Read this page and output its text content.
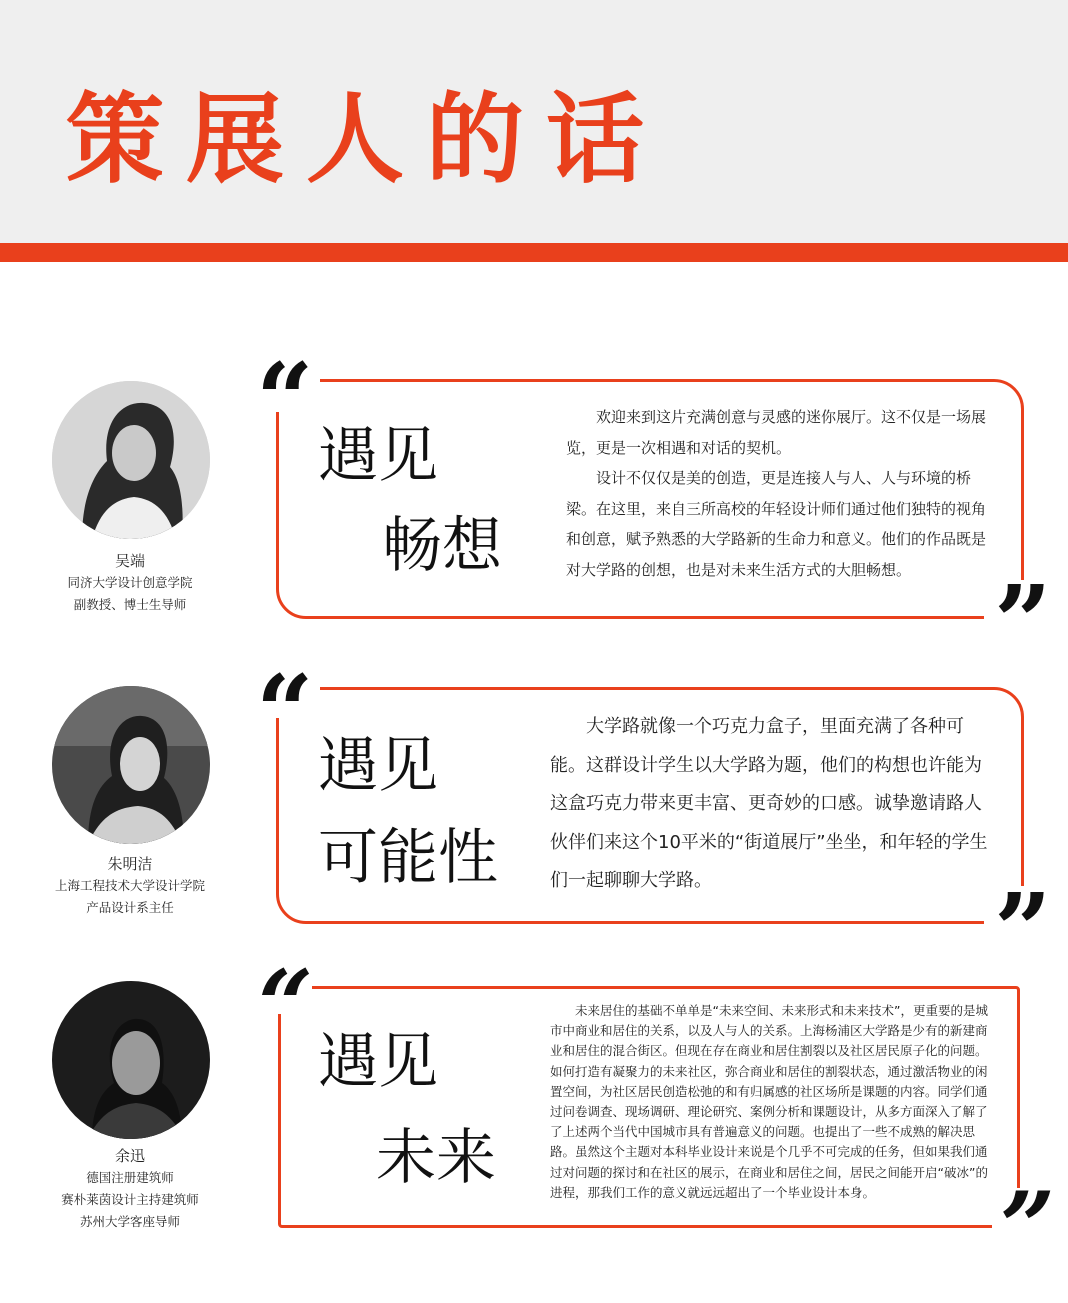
策展人的话
吴端
同济大学设计创意学院
副教授、博士生导师
“
”
遇见
畅想

欢迎来到这片充满创意与灵感的迷你展厅。这不仅是一场展览，更是一次相遇和对话的契机。

设计不仅仅是美的创造，更是连接人与人、人与环境的桥梁。在这里，来自三所高校的年轻设计师们通过他们独特的视角和创意，赋予熟悉的大学路新的生命力和意义。他们的作品既是对大学路的创想，也是对未来生活方式的大胆畅想。

朱明洁
上海工程技术大学设计学院
产品设计系主任
“
”
遇见
可能性

大学路就像一个巧克力盒子，里面充满了各种可能。这群设计学生以大学路为题，他们的构想也许能为这盒巧克力带来更丰富、更奇妙的口感。诚挚邀请路人伙伴们来这个10平米的“街道展厅”坐坐，和年轻的学生们一起聊聊大学路。

余迅
德国注册建筑师
赛朴莱茵设计主持建筑师
苏州大学客座导师
“
”
遇见
未来

未来居住的基础不单单是“未来空间、未来形式和未来技术”，更重要的是城市中商业和居住的关系，以及人与人的关系。上海杨浦区大学路是少有的新建商业和居住的混合街区。但现在存在商业和居住割裂以及社区居民原子化的问题。如何打造有凝聚力的未来社区，弥合商业和居住的割裂状态，通过激活物业的闲置空间，为社区居民创造松弛的和有归属感的社区场所是课题的内容。同学们通过问卷调查、现场调研、理论研究、案例分析和课题设计，从多方面深入了解了了上述两个当代中国城市具有普遍意义的问题。也提出了一些不成熟的解决思路。虽然这个主题对本科毕业设计来说是个几乎不可完成的任务，但如果我们通过对问题的探讨和在社区的展示，在商业和居住之间，居民之间能开启“破冰”的进程，那我们工作的意义就远远超出了一个毕业设计本身。
